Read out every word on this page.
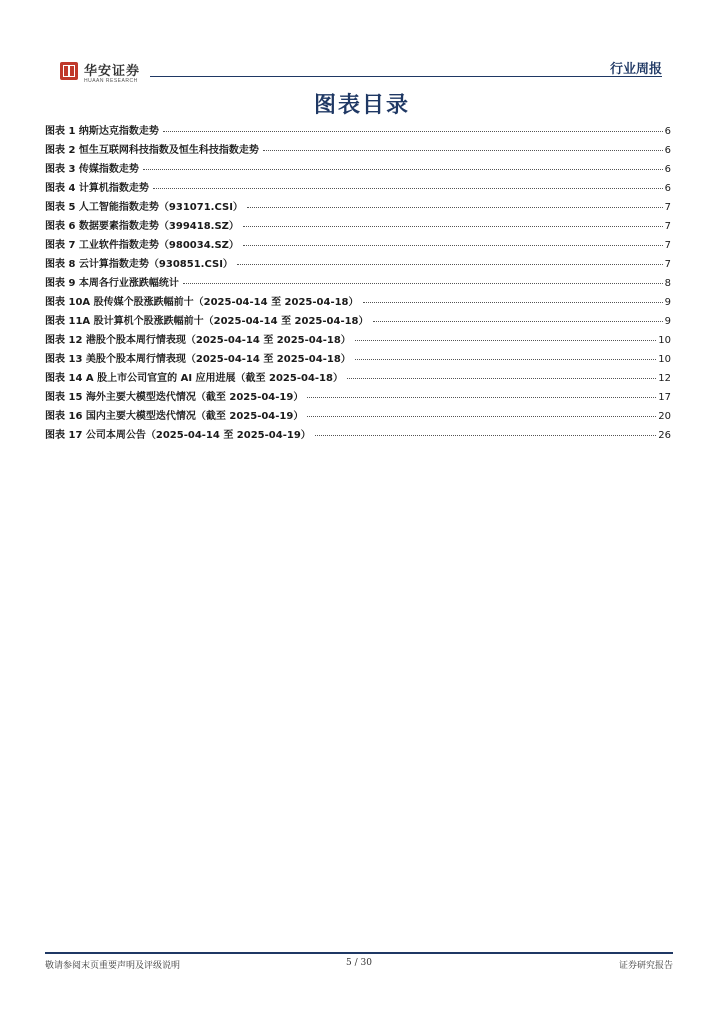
华安证券
HUAAN RESEARCH
行业周报
图表目录
图表 1 纳斯达克指数走势	6
图表 2 恒生互联网科技指数及恒生科技指数走势	6
图表 3 传媒指数走势	6
图表 4 计算机指数走势	6
图表 5 人工智能指数走势（931071.CSI）	7
图表 6 数据要素指数走势（399418.SZ）	7
图表 7 工业软件指数走势（980034.SZ）	7
图表 8 云计算指数走势（930851.CSI）	7
图表 9 本周各行业涨跌幅统计	8
图表 10A 股传媒个股涨跌幅前十（2025-04-14 至 2025-04-18）	9
图表 11A 股计算机个股涨跌幅前十（2025-04-14 至 2025-04-18）	9
图表 12 港股个股本周行情表现（2025-04-14 至 2025-04-18）	10
图表 13 美股个股本周行情表现（2025-04-14 至 2025-04-18）	10
图表 14 A 股上市公司官宣的 AI 应用进展（截至 2025-04-18）	12
图表 15 海外主要大模型迭代情况（截至 2025-04-19）	17
图表 16 国内主要大模型迭代情况（截至 2025-04-19）	20
图表 17 公司本周公告（2025-04-14 至 2025-04-19）	26
敬请参阅末页重要声明及评级说明	5 / 30	证券研究报告
